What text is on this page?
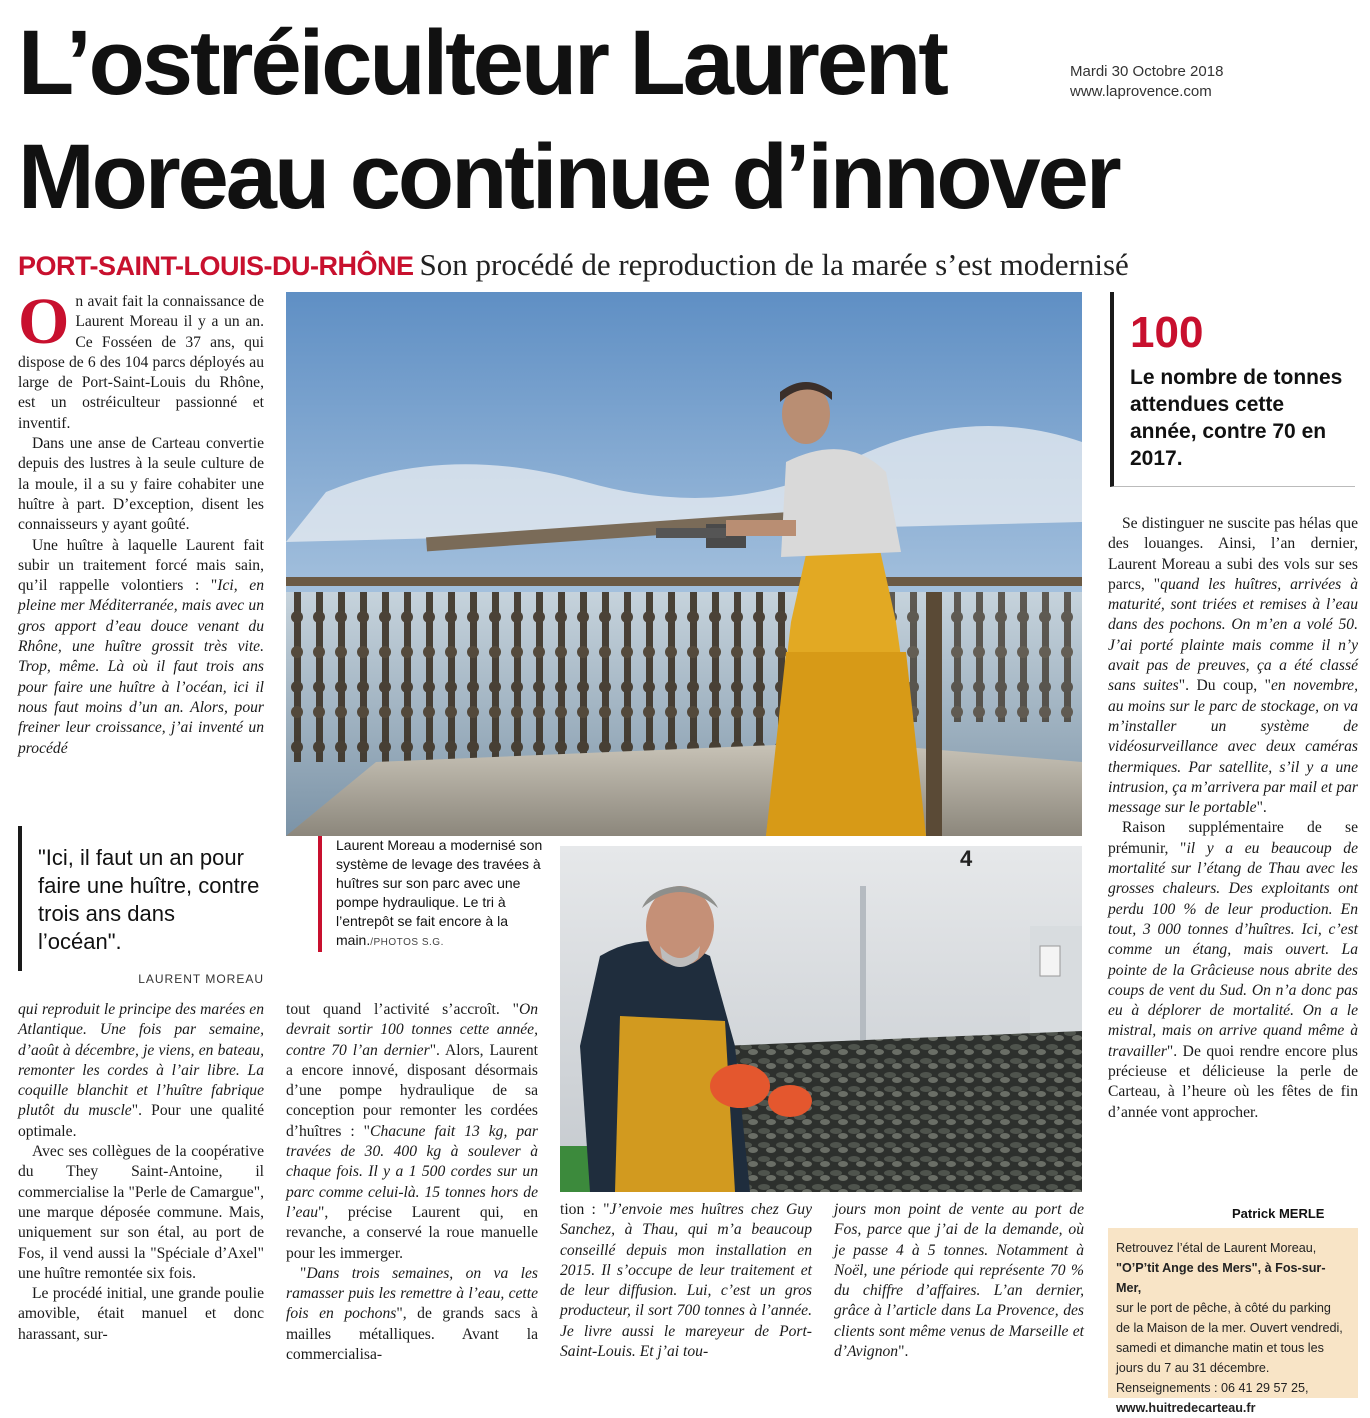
L’ostréiculteur Laurent
Moreau continue d’innover
Mardi 30 Octobre 2018
www.laprovence.com
PORT-SAINT-LOUIS-DU-RHÔNE Son procédé de reproduction de la marée s’est modernisé

On avait fait la connaissance de Laurent Moreau il y a un an. Ce Fosséen de 37 ans, qui dispose de 6 des 104 parcs déployés au large de Port-Saint-Louis du Rhône, est un ostréiculteur passionné et inventif.

Dans une anse de Carteau convertie depuis des lustres à la seule culture de la moule, il a su y faire cohabiter une huître à part. D’exception, disent les connaisseurs y ayant goûté.

Une huître à laquelle Laurent fait subir un traitement forcé mais sain, qu’il rappelle volontiers : "Ici, en pleine mer Méditerranée, mais avec un gros apport d’eau douce venant du Rhône, une huître grossit très vite. Trop, même. Là où il faut trois ans pour faire une huître à l’océan, ici il nous faut moins d’un an. Alors, pour freiner leur croissance, j’ai inventé un procédé

"Ici, il faut un an pour faire une huître, contre trois ans dans l’océan".
LAURENT MOREAU

qui reproduit le principe des marées en Atlantique. Une fois par semaine, d’août à décembre, je viens, en bateau, remonter les cordes à l’air libre. La coquille blanchit et l’huître fabrique plutôt du muscle". Pour une qualité optimale.

Avec ses collègues de la coopérative du They Saint-Antoine, il commercialise la "Perle de Camargue", une marque déposée commune. Mais, uniquement sur son étal, au port de Fos, il vend aussi la "Spéciale d’Axel" une huître remontée six fois.

Le procédé initial, une grande poulie amovible, était manuel et donc harassant, sur-

Laurent Moreau a modernisé son système de levage des travées à huîtres sur son parc avec une pompe hydraulique. Le tri à l’entrepôt se fait encore à la main./PHOTOS S.G.
4

tout quand l’activité s’accroît. "On devrait sortir 100 tonnes cette année, contre 70 l’an dernier". Alors, Laurent a encore innové, disposant désormais d’une pompe hydraulique de sa conception pour remonter les cordées d’huîtres : "Chacune fait 13 kg, par travées de 30. 400 kg à soulever à chaque fois. Il y a 1 500 cordes sur un parc comme celui-là. 15 tonnes hors de l’eau", précise Laurent qui, en revanche, a conservé la roue manuelle pour les immerger.

"Dans trois semaines, on va les ramasser puis les remettre à l’eau, cette fois en pochons", de grands sacs à mailles métalliques. Avant la commercialisa-

tion : "J’envoie mes huîtres chez Guy Sanchez, à Thau, qui m’a beaucoup conseillé depuis mon installation en 2015. Il s’occupe de leur traitement et de leur diffusion. Lui, c’est un gros producteur, il sort 700 tonnes à l’année. Je livre aussi le mareyeur de Port-Saint-Louis. Et j’ai tou-

jours mon point de vente au port de Fos, parce que j’ai de la demande, où je passe 4 à 5 tonnes. Notamment à Noël, une période qui représente 70 % du chiffre d’affaires. L’an dernier, grâce à l’article dans La Provence, des clients sont même venus de Marseille et d’Avignon".

100
Le nombre de tonnes attendues cette année, contre 70 en 2017.

Se distinguer ne suscite pas hélas que des louanges. Ainsi, l’an dernier, Laurent Moreau a subi des vols sur ses parcs, "quand les huîtres, arrivées à maturité, sont triées et remises à l’eau dans des pochons. On m’en a volé 50. J’ai porté plainte mais comme il n’y avait pas de preuves, ça a été classé sans suites". Du coup, "en novembre, au moins sur le parc de stockage, on va m’installer un système de vidéosurveillance avec deux caméras thermiques. Par satellite, s’il y a une intrusion, ça m’arrivera par mail et par message sur le portable".

Raison supplémentaire de se prémunir, "il y a eu beaucoup de mortalité sur l’étang de Thau avec les grosses chaleurs. Des exploitants ont perdu 100 % de leur production. En tout, 3 000 tonnes d’huîtres. Ici, c’est comme un étang, mais ouvert. La pointe de la Grâcieuse nous abrite des coups de vent du Sud. On n’a donc pas eu à déplorer de mortalité. On a le mistral, mais on arrive quand même à travailler". De quoi rendre encore plus précieuse et délicieuse la perle de Carteau, à l’heure où les fêtes de fin d’année vont approcher.

Patrick MERLE
Retrouvez l’étal de Laurent Moreau,
"O’P’tit Ange des Mers", à Fos-sur-Mer,
sur le port de pêche, à côté du parking
de la Maison de la mer. Ouvert vendredi,
samedi et dimanche matin et tous les
jours du 7 au 31 décembre.
Renseignements : 06 41 29 57 25,
www.huitredecarteau.fr
